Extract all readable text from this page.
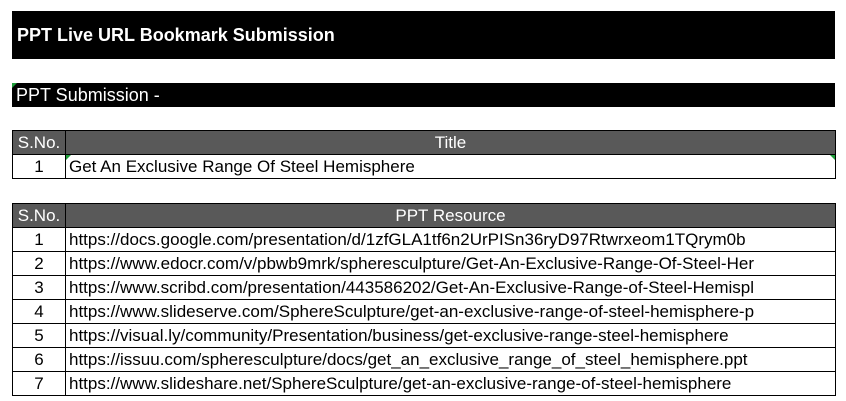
PPT Live URL Bookmark Submission
PPT Submission -
S.No.	Title
1	Get An Exclusive Range Of Steel Hemisphere
S.No.	PPT Resource
1	https://docs.google.com/presentation/d/1zfGLA1tf6n2UrPISn36ryD97Rtwrxeom1TQrym0b
2	https://www.edocr.com/v/pbwb9mrk/spheresculpture/Get-An-Exclusive-Range-Of-Steel-Her
3	https://www.scribd.com/presentation/443586202/Get-An-Exclusive-Range-of-Steel-Hemispl
4	https://www.slideserve.com/SphereSculpture/get-an-exclusive-range-of-steel-hemisphere-p
5	https://visual.ly/community/Presentation/business/get-exclusive-range-steel-hemisphere
6	https://issuu.com/spheresculpture/docs/get_an_exclusive_range_of_steel_hemisphere.ppt
7	https://www.slideshare.net/SphereSculpture/get-an-exclusive-range-of-steel-hemisphere
